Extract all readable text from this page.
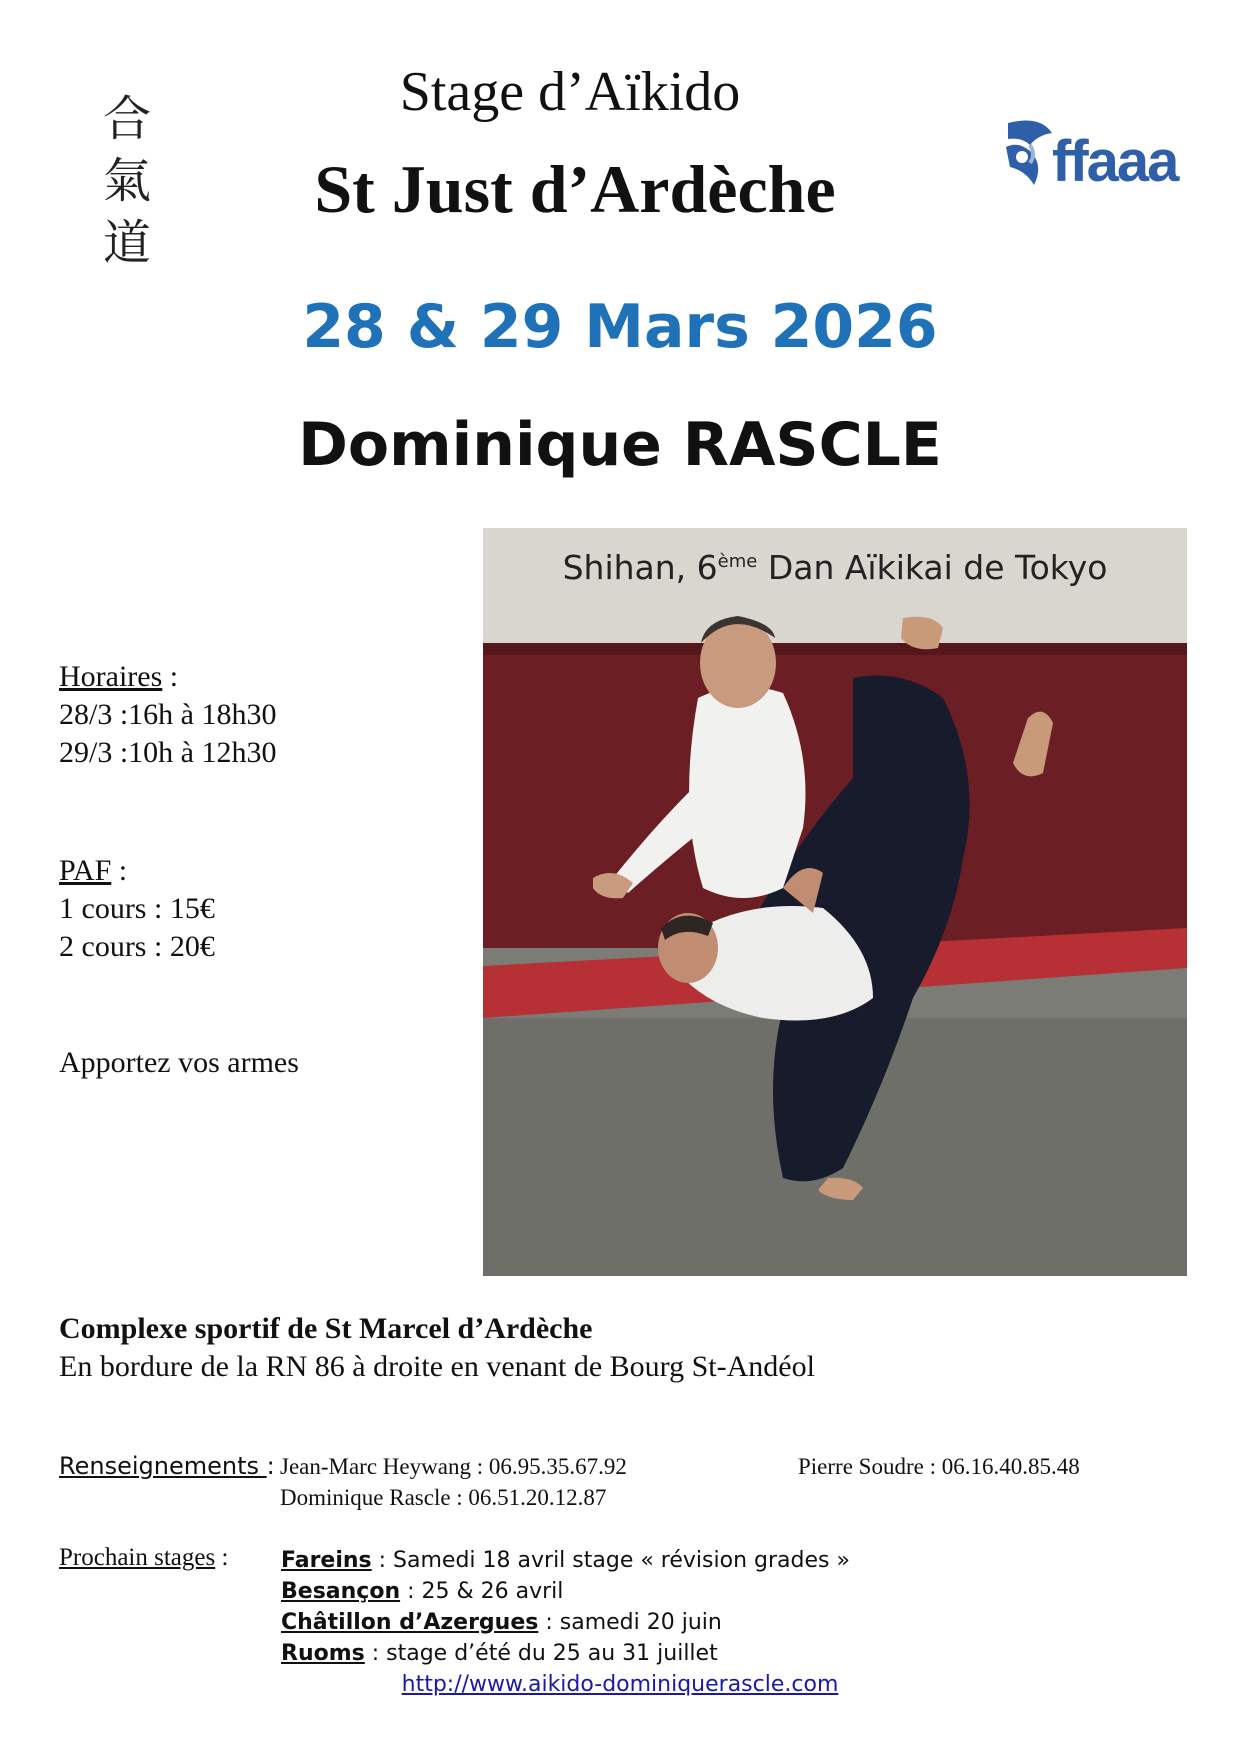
合
氣
道
Stage d’Aïkido
St Just d’Ardèche
28 & 29 Mars 2026
Dominique RASCLE
ffaaa
Shihan, 6ème Dan Aïkikai de Tokyo
Horaires :
28/3 :16h à 18h30
29/3 :10h à 12h30
PAF :
1 cours : 15€
2 cours : 20€
Apportez vos armes
Complexe sportif de St Marcel d’Ardèche
En bordure de la RN 86 à droite en venant de Bourg St-Andéol
Renseignements : Jean-Marc Heywang : 06.95.35.67.92
Dominique Rascle : 06.51.20.12.87
Pierre Soudre : 06.16.40.85.48
Prochain stages : Fareins : Samedi 18 avril stage « révision grades »
Besançon : 25 & 26 avril
Châtillon d’Azergues : samedi 20 juin
Ruoms : stage d’été du 25 au 31 juillet
http://www.aikido-dominiquerascle.com
